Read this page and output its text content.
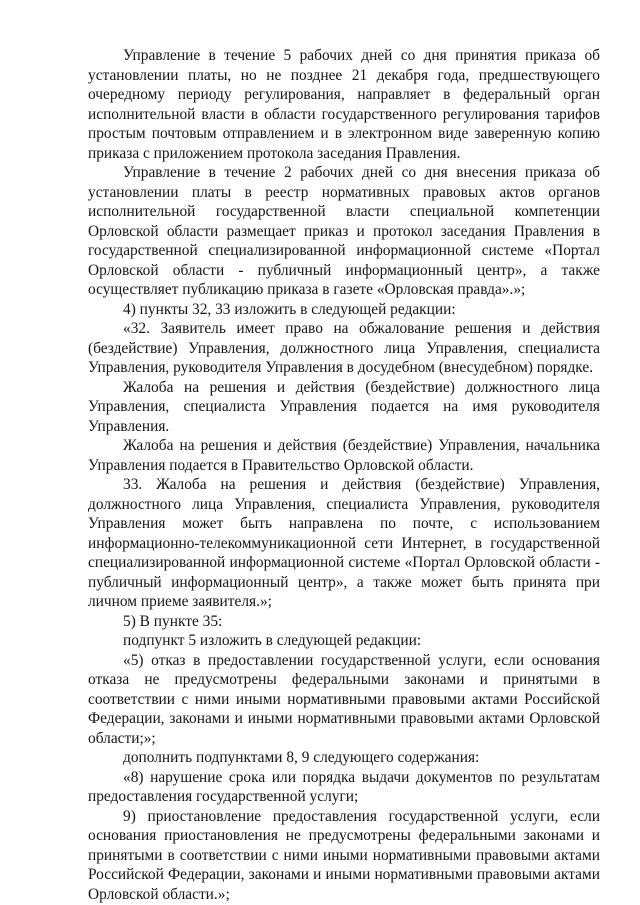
Управление в течение 5 рабочих дней со дня принятия приказа об установлении платы, но не позднее 21 декабря года, предшествующего очередному периоду регулирования, направляет в федеральный орган исполнительной власти в области государственного регулирования тарифов простым почтовым отправлением и в электронном виде заверенную копию приказа с приложением протокола заседания Правления.

Управление в течение 2 рабочих дней со дня внесения приказа об установлении платы в реестр нормативных правовых актов органов исполнительной государственной власти специальной компетенции Орловской области размещает приказ и протокол заседания Правления в государственной специализированной информационной системе «Портал Орловской области - публичный информационный центр», а также осуществляет публикацию приказа в газете «Орловская правда».»;

4) пункты 32, 33 изложить в следующей редакции:

«32. Заявитель имеет право на обжалование решения и действия (бездействие) Управления, должностного лица Управления, специалиста Управления, руководителя Управления в досудебном (внесудебном) порядке.

Жалоба на решения и действия (бездействие) должностного лица Управления, специалиста Управления подается на имя руководителя Управления.

Жалоба на решения и действия (бездействие) Управления, начальника Управления подается в Правительство Орловской области.

33. Жалоба на решения и действия (бездействие) Управления, должностного лица Управления, специалиста Управления, руководителя Управления может быть направлена по почте, с использованием информационно-телекоммуникационной сети Интернет, в государственной специализированной информационной системе «Портал Орловской области - публичный информационный центр», а также может быть принята при личном приеме заявителя.»;

5) В пункте 35:

подпункт 5 изложить в следующей редакции:

«5) отказ в предоставлении государственной услуги, если основания отказа не предусмотрены федеральными законами и принятыми в соответствии с ними иными нормативными правовыми актами Российской Федерации, законами и иными нормативными правовыми актами Орловской области;»;

дополнить подпунктами 8, 9 следующего содержания:

«8) нарушение срока или порядка выдачи документов по результатам предоставления государственной услуги;

9) приостановление предоставления государственной услуги, если основания приостановления не предусмотрены федеральными законами и принятыми в соответствии с ними иными нормативными правовыми актами Российской Федерации, законами и иными нормативными правовыми актами Орловской области.»;
